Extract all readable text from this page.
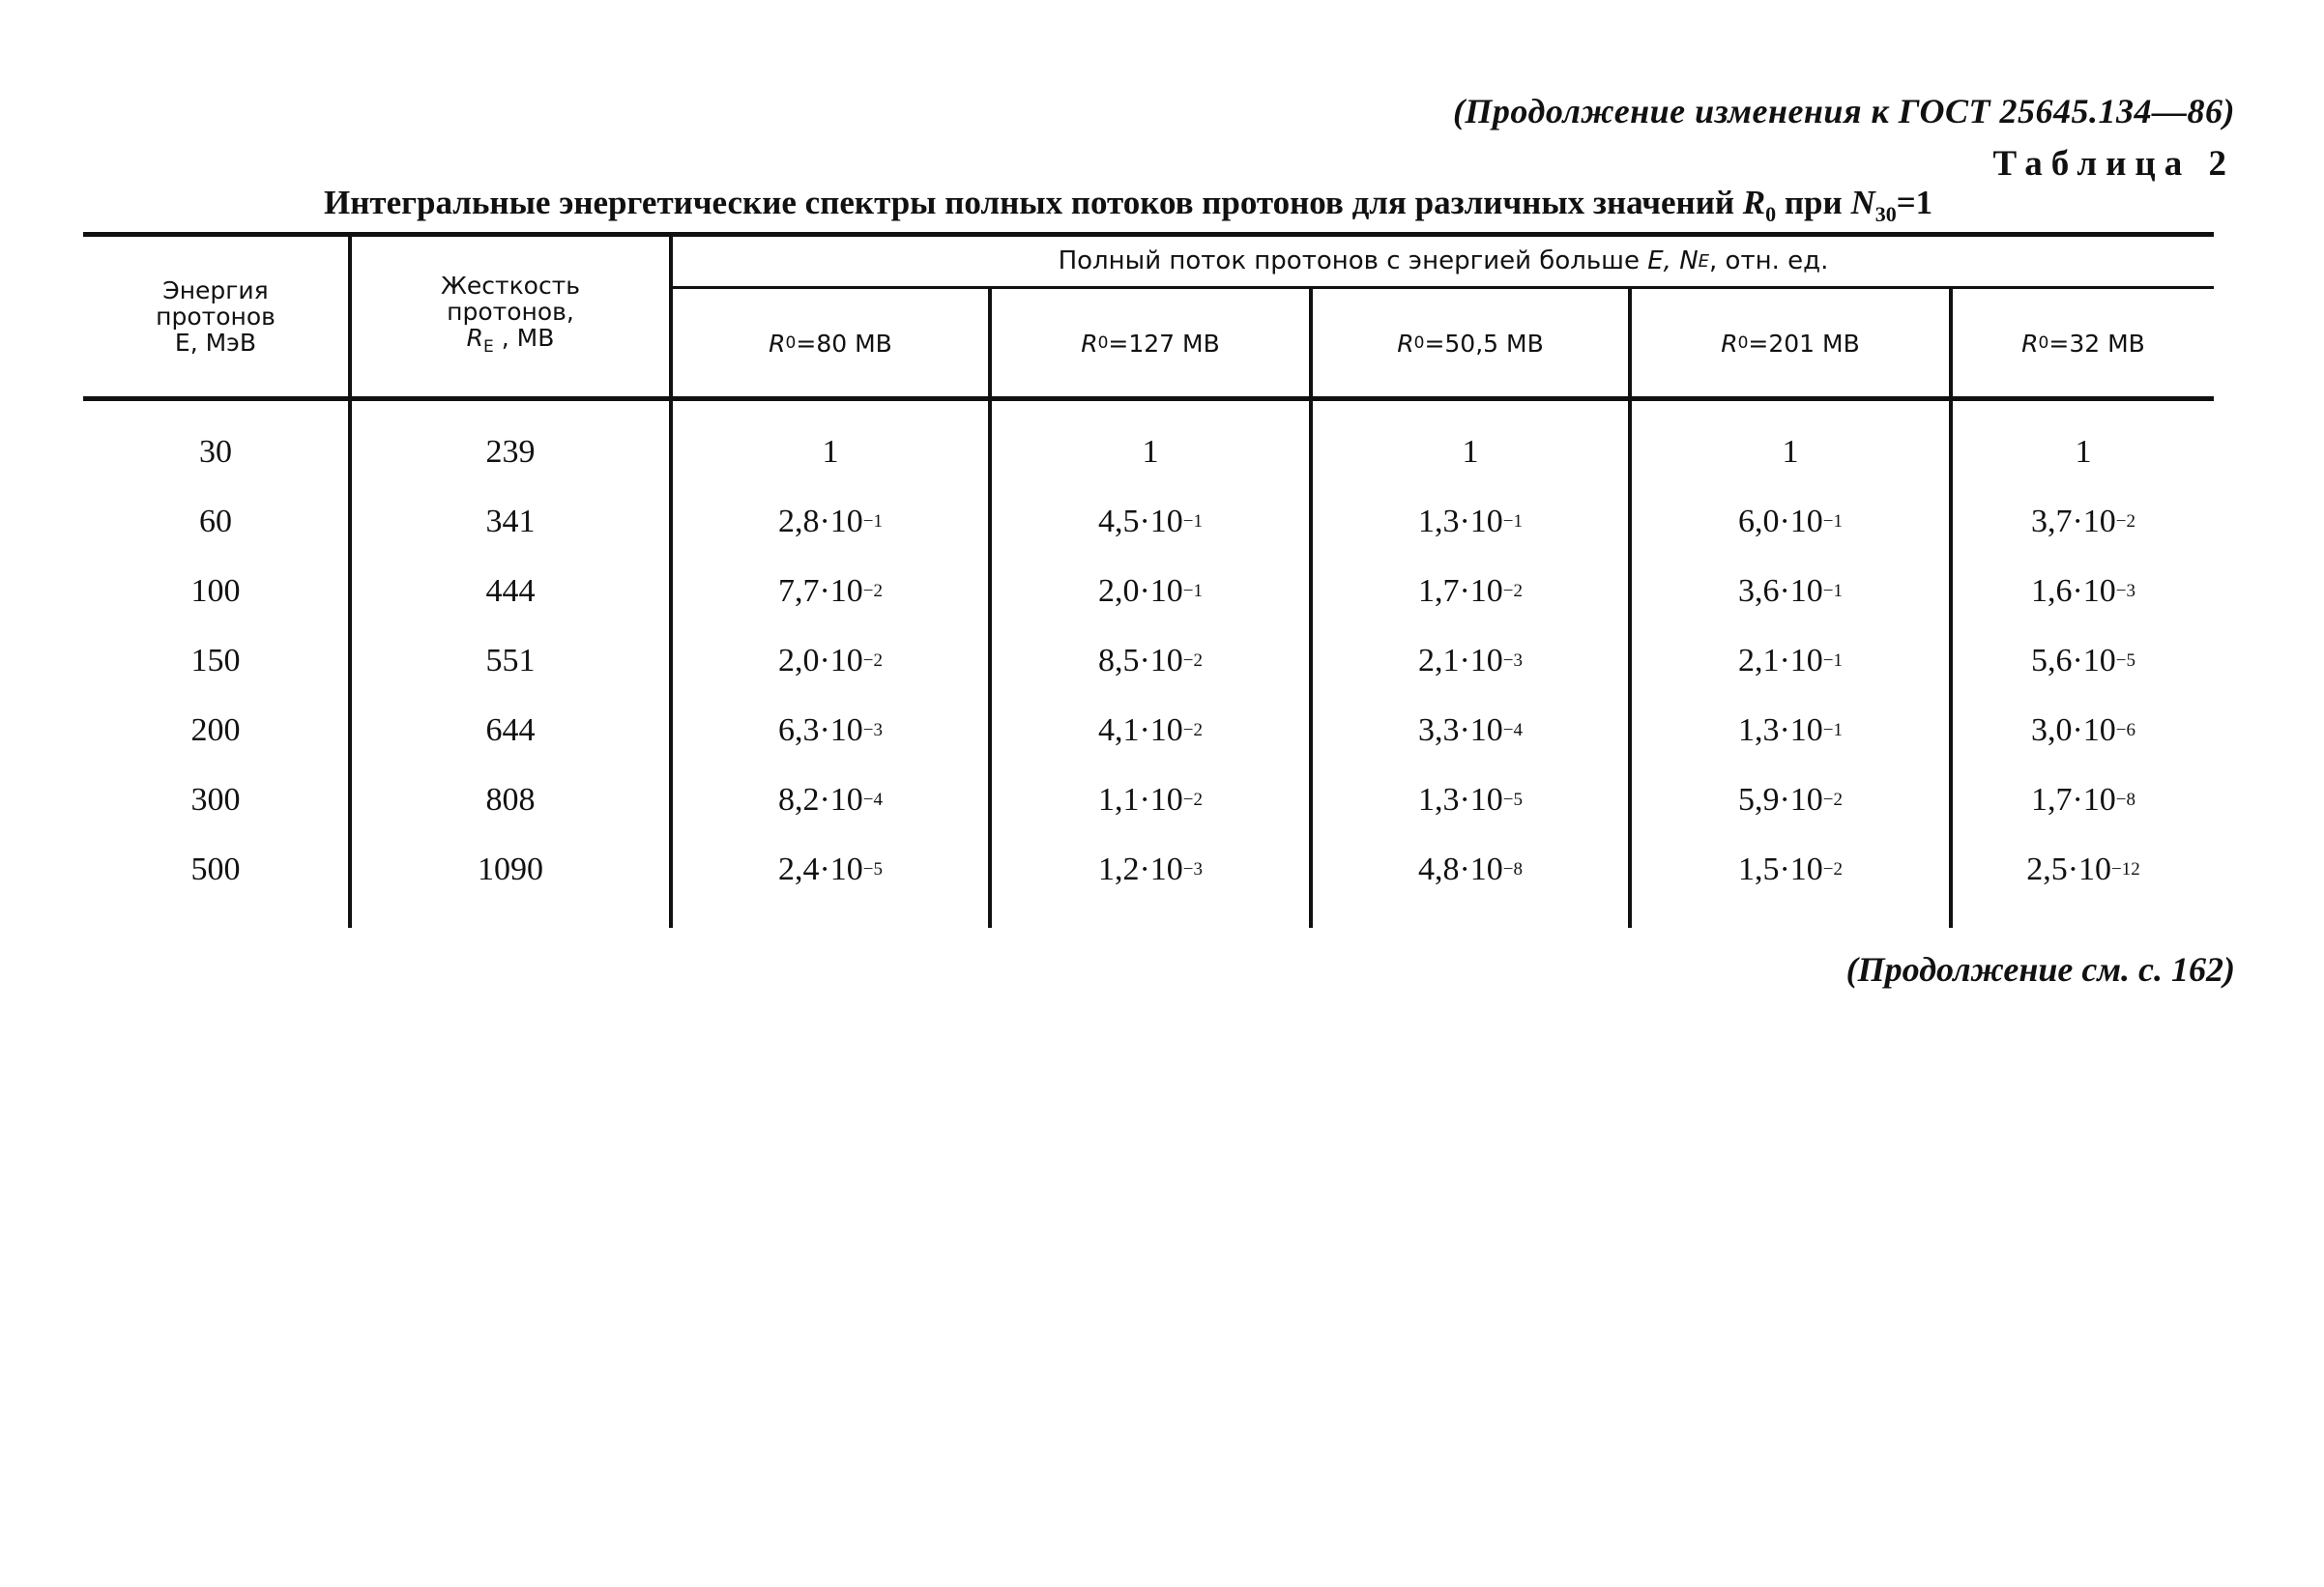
(Продолжение изменения к ГОСТ 25645.134—86)
Таблица 2
Интегральные энергетические спектры полных потоков протонов для различных значений $R_0$ при $N_{30}=1$
Энергия
протонов
Е, МэВ
Жесткость
протонов,
$R_E$ , МВ
Полный поток протонов с энергией больше
E,
N E , отн. ед.
R 0 =80 МВ	R 0 =127 МВ	R 0 =50,5 МВ	R 0 =201 МВ	R 0 =32 МВ
30	239	1	1	1	1	1
60	341	2,8·10 −1	4,5·10 −1	1,3·10 −1	6,0·10 −1	3,7·10 −2
100	444	7,7·10 −2	2,0·10 −1	1,7·10 −2	3,6·10 −1	1,6·10 −3
150	551	2,0·10 −2	8,5·10 −2	2,1·10 −3	2,1·10 −1	5,6·10 −5
200	644	6,3·10 −3	4,1·10 −2	3,3·10 −4	1,3·10 −1	3,0·10 −6
300	808	8,2·10 −4	1,1·10 −2	1,3·10 −5	5,9·10 −2	1,7·10 −8
500	1090	2,4·10 −5	1,2·10 −3	4,8·10 −8	1,5·10 −2	2,5·10 −12
(Продолжение см. с. 162)
